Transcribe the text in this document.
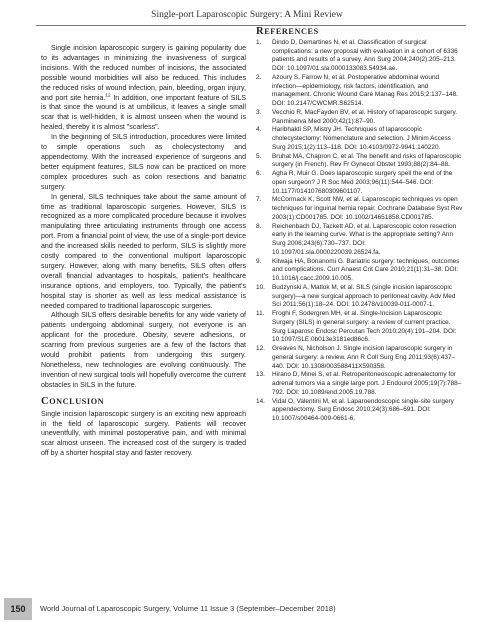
Single-port Laparoscopic Surgery: A Mini Review

Single incision laparoscopic surgery is gaining popularity due to its advantages in minimizing the invasiveness of surgical incisions. With the reduced number of incisions, the associated possible wound morbidities will also be reduced. This includes the reduced risks of wound infection, pain, bleeding, organ injury, and port site hernia.$^{12}$ In addition, one important feature of SILS is that since the wound is at umbilicus, it leaves a single small scar that is well-hidden, it is almost unseen when the wound is healed, thereby it is almost "scarless".

In the beginning of SILS introduction, procedures were limited to simple operations such as cholecystectomy and appendectomy. With the increased experience of surgeons and better equipment features, SILS now can be practiced on more complex procedures such as colon resections and bariatric surgery.

In general, SILS techniques take about the same amount of time as traditional laparoscopic surgeries. However, SILS is recognized as a more complicated procedure because it involves manipulating three articulating instruments through one access port. From a financial point of view, the use of a single-port device and the increased skills needed to perform, SILS is slightly more costly compared to the conventional multiport laparoscopic surgery. However, along with many benefits, SILS often offers overall financial advantages to hospitals, patient's healthcare insurance options, and employers, too. Typically, the patient's hospital stay is shorter as well as less medical assistance is needed compared to traditional laparoscopic surgeries.

Although SILS offers desirable benefits for any wide variety of patients undergoing abdominal surgery, not everyone is an applicant for the procedure. Obesity, severe adhesions, or scarring from previous surgeries are a few of the factors that would prohibit patients from undergoing this surgery. Nonetheless, new technologies are evolving continuously. The invention of new surgical tools will hopefully overcome the current obstacles in SILS in the future.

CONCLUSION

Single incision laparoscopic surgery is an exciting new approach in the field of laparoscopic surgery. Patients will recover uneventfully, with minimal postoperative pain, and with minimal scar almost unseen. The increased cost of the surgery is traded off by a shorter hospital stay and faster recovery.

REFERENCES
1.	Dindo D, Demartines N, et al. Classification of surgical complications: a new proposal with evaluation in a cohort of 6336 patients and results of a survey. Ann Surg 2004;240(2):205–213. DOI: 10.1097/01.sla.0000133083.54934.ae.
2.	Azoury S, Farrow N, et al. Postoperative abdominal wound infection—epidemiology, risk factors, identification, and management. Chronic Wound Care Manag Res 2015;2:137–148. DOI: 10.2147/CWCMR.S62514.
3.	Vecchio R, MacFayden BV, et al. History of laparoscopic surgery. Panminerva Med 2000;42(1):87–90.
4.	Haribhakti SP, Mistry JH. Techniques of laparoscopic cholecystectomy: Nomenclature and selection. J Minim Access Surg 2015;1(2):113–118. DOI: 10.4103/0972-9941.140220.
5.	Bruhat MA, Chapron C, et al. The benefit and risks of laparoscopic surgery (in French). Rev Fr Gynecol Obstet 1993;88(2):84–88.
6.	Agha R, Muir G. Does laparoscopic surgery spell the end of the open surgeon? J R Soc Med 2003;96(11):544–546. DOI: 10.1177/014107680309601107.
7.	McCormack K, Scott NW, et al. Laparoscopic techniques vs open techniques for inguinal hernia repair. Cochrane Database Syst Rev 2003(1):CD001785. DOI: 10.1002/14651858.CD001785.
8.	Reichenbach DJ, Tackett AD, et al. Laparoscopic colon resection early in the learning curve. What is the appropriate setting? Ann Surg 2006;243(6):730–737. DOI: 10.1097/01.sla.0000220039.26524.fa.
9.	Kitwaja HA, Bonanomi G. Bariatric surgery: techniques, outcomes and complications. Curr Anaest Crit Care 2010;21(1):31–38. DOI: 10.1016/j.cacc.2009.10.005.
10.	Budzynski A, Matlok M, et al. SILS (single incision laparoscopic surgery)—a new surgical approach to peritoneal cavity. Adv Med Sci 2011;56(1):18–24. DOI: 10.2478/v10039-011-0007-1.
11.	Froghi F, Sodergren MH, et al. Single-Incision Laparoscopic Surgery (SILS) in general surgery: a review of current practice. Surg Laparosc Endosc Percutan Tech 2010;20(4):191–204. DOI: 10.1097/SLE.0b013e3181ed86c6.
12.	Greaves N, Nicholson J. Single incision laparoscopic surgery in general surgery: a review. Ann R Coll Surg Eng 2011;93(6):437–440. DOI: 10.1308/003588411X590358.
13.	Hirano D, Minei S, et al. Retroperitoneoscopic adrenalectomy for adrenal tumors via a single large port. J Endourol 2005;19(7):788–792. DOI: 10.1089/end.2005.19.788.
14.	Vidal O, Valentini M, et al. Laparoendoscopic single-site surgery appendectomy. Surg Endosc 2010;24(3):686–691. DOI: 10.1007/s00464-009-0661-6.
150	World Journal of Laparoscopic Surgery, Volume 11 Issue 3 (September–December 2018)
